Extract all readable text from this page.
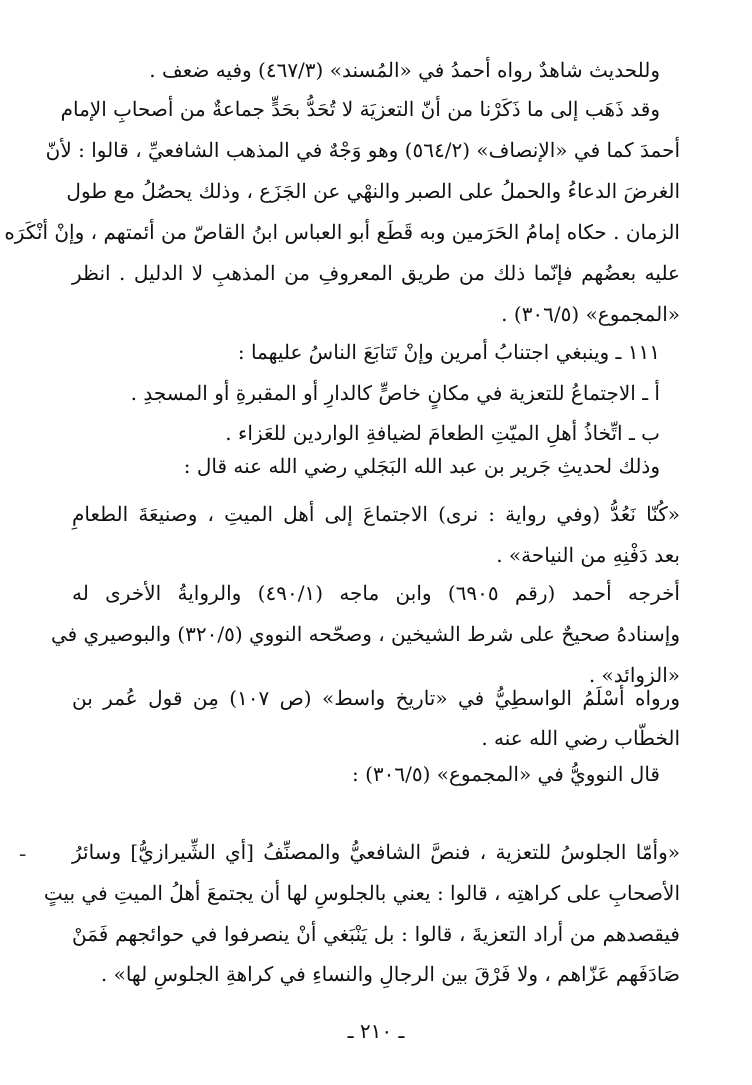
وللحديث شاهدٌ رواه أحمدُ في «المُسند» (٤٦٧/٣) وفيه ضعف .
وقد ذَهَب إلى ما ذَكَرْنا من أنّ التعزيَة لا تُحَدُّ بحَدٍّ جماعةٌ من أصحابِ الإمام
أحمدَ كما في «الإنصاف» (٥٦٤/٢) وهو وَجْهٌ في المذهب الشافعيِّ ، قالوا : لأنّ
الغرضَ الدعاءُ والحملُ على الصبر والنهْي عن الجَزَع ، وذلك يحصُلُ مع طول
الزمان . حكاه إمامُ الحَرَمين وبه قَطَع أبو العباس ابنُ القاصّ من أئمتهم ، وإنْ أنْكَرَه
عليه بعضُهم فإنّما ذلك من طريق المعروفِ من المذهبِ لا الدليل . انظر
«المجموع» (٣٠٦/٥) .
١١١ ـ وينبغي اجتنابُ أمرين وإنْ تَتابَعَ الناسُ عليهما :
أ ـ الاجتماعُ للتعزية في مكانٍ خاصٍّ كالدارِ أو المقبرةِ أو المسجدِ .
ب ـ اتِّخاذُ أهلِ الميّتِ الطعامَ لضيافةِ الواردين للعَزاء .
وذلك لحديثِ جَرير بن عبد الله البَجَلي رضي الله عنه قال :
«كُنّا نَعُدُّ (وفي رواية : نرى) الاجتماعَ إلى أهل الميتِ ، وصنيعَةَ الطعامِ
بعد دَفْنِهِ من النياحة» .
أخرجه أحمد (رقم ٦٩٠٥) وابن ماجه (٤٩٠/١) والروايةُ الأخرى له
وإسنادهُ صحيحٌ على شرط الشيخين ، وصحّحه النووي (٣٢٠/٥) والبوصيري في
«الزوائد» .
ورواه أسْلَمُ الواسطِيُّ في «تاريخ واسط» (ص ١٠٧) مِن قول عُمر بن
الخطّاب رضي الله عنه .
قال النوويُّ في «المجموع» (٣٠٦/٥) :
«وأمّا الجلوسُ للتعزية ، فنصَّ الشافعيُّ والمصنِّفُ [أي الشِّيرازيُّ] وسائرُ
الأصحابِ على كراهتِه ، قالوا : يعني بالجلوسِ لها أن يجتمعَ أهلُ الميتِ في بيتٍ
فيقصدهم من أراد التعزيةَ ، قالوا : بل يَنْبَغي أنْ ينصرفوا في حوائجهم فَمَنْ
صَادَفَهم عَزّاهم ، ولا فَرْقَ بين الرجالِ والنساءِ في كراهةِ الجلوسِ لها» .
ـ ٢١٠ ـ
ـ
